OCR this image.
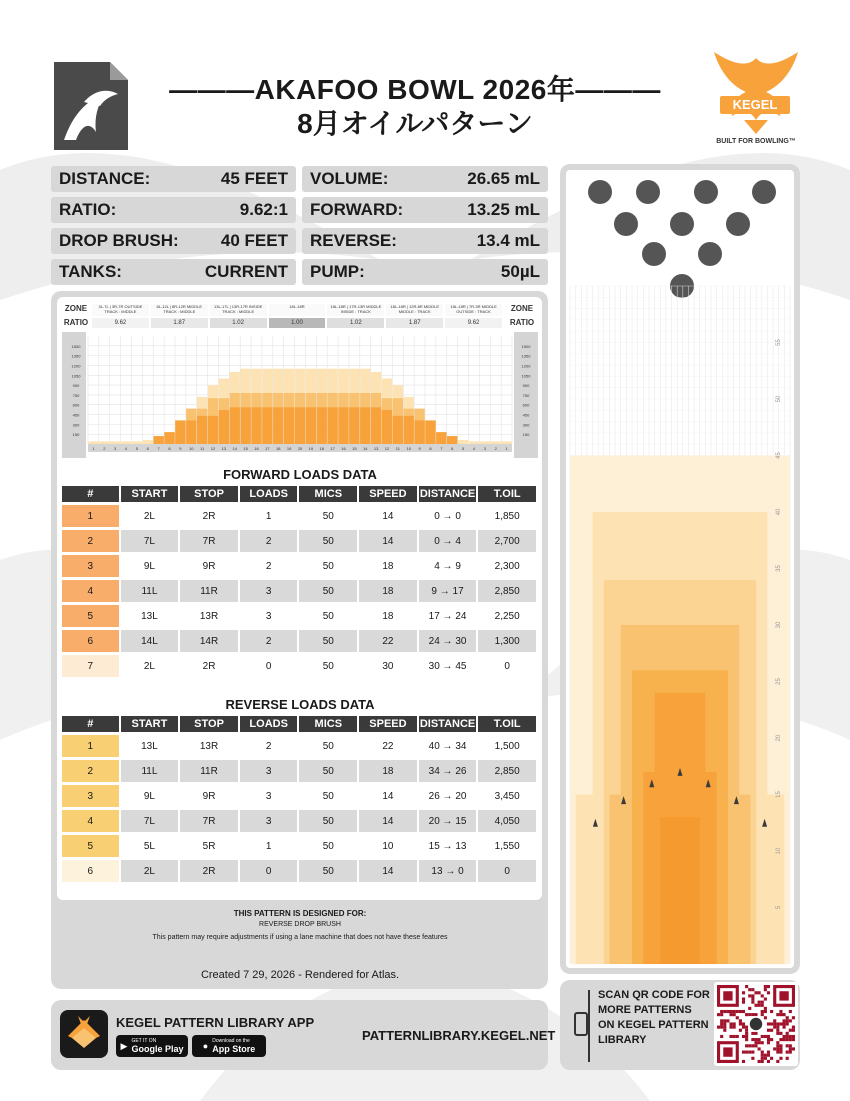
———AKAFOO BOWL 2026年———
8月オイルパターン
KEGEL
BUILT FOR BOWLING™
DISTANCE:	45 FEET VOLUME:	26.65 mL
RATIO:	9.62:1 FORWARD:	13.25 mL
DROP BRUSH: 40 FEET REVERSE:	13.4 mL
TANKS:	CURRENT PUMP:	50µL
ZONE
RATIO
ZONE
RATIO
3L-7L | 3R-7R OUTSIDE TRACK : MIDDLE
9.62
8L-12L | 8R-12R MIDDLE TRACK : MIDDLE
1.87
13L-17L | 13R-17R INSIDE TRACK : MIDDLE
1.02
18L-18R
1.00
18L-18R | 17R-13R MIDDLE INSIDE : TRACK
1.02
18L-18R | 12R-8R MIDDLE MIDDLE : TRACK
1.87
18L-18R | 7R-3R MIDDLE OUTSIDE : TRACK
9.62
150	150
300	300
450	450
600	600
750	750
900	900
1050	1050
1200	1200
1350	1350
1500	1500
1 2 3 4 5 6 7 8 9 10 11 12 13 14 15 16 17 18 19 20 19 18 17 16 15 14 13 12 11 10 9 8 7 6 5 4 3 2 1
FORWARD LOADS DATA
#	START	STOP	LOADS	MICS	SPEED	DISTANCE	T.OIL
1	2L	2R	1	50	14	0 → 0	1,850
2	7L	7R	2	50	14	0 → 4	2,700
3	9L	9R	2	50	18	4 → 9	2,300
4	11L	11R	3	50	18	9 → 17	2,850
5	13L	13R	3	50	18	17 → 24	2,250
6	14L	14R	2	50	22	24 → 30	1,300
7	2L	2R	0	50	30	30 → 45	0
REVERSE LOADS DATA
#	START	STOP	LOADS	MICS	SPEED	DISTANCE	T.OIL
1	13L	13R	2	50	22	40 → 34	1,500
2	11L	11R	3	50	18	34 → 26	2,850
3	9L	9R	3	50	14	26 → 20	3,450
4	7L	7R	3	50	14	20 → 15	4,050
5	5L	5R	1	50	10	15 → 13	1,550
6	2L	2R	0	50	14	13 → 0	0
THIS PATTERN IS DESIGNED FOR:
REVERSE DROP BRUSH
This pattern may require adjustments if using a lane machine that does not have these features
Created 7 29, 2026 - Rendered for Atlas.
5
10
15
20
25
30
35
40
45
50
55
KEGEL PATTERN LIBRARY APP
▶ GET IT ON
Google Play ● Download on the
App Store
PATTERNLIBRARY.KEGEL.NET
SCAN QR CODE FOR MORE PATTERNS ON KEGEL PATTERN LIBRARY
